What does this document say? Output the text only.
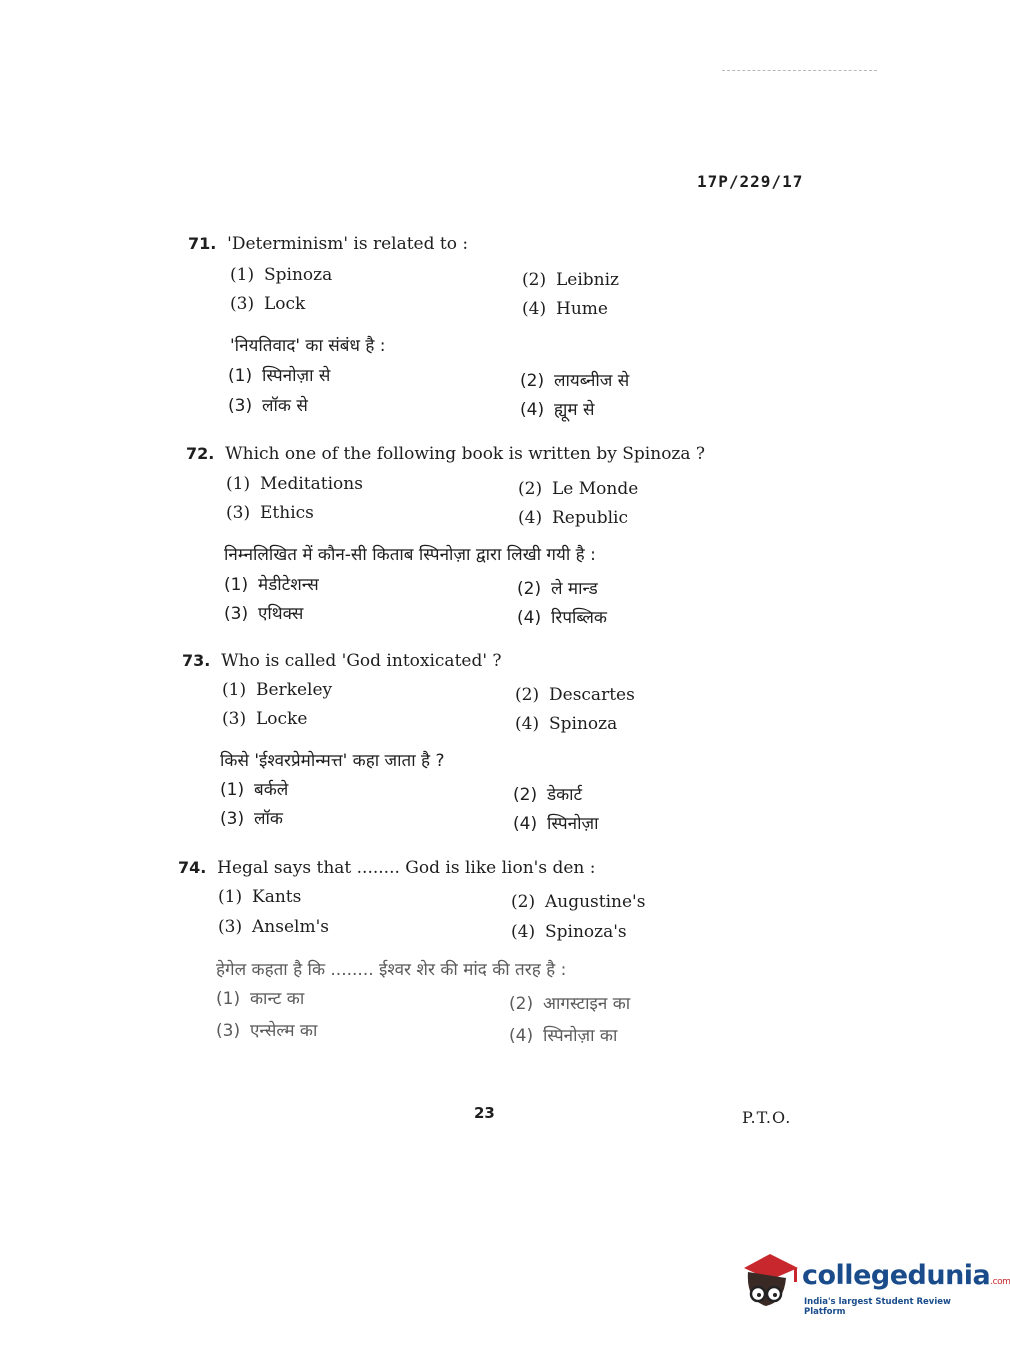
17P/229/17
71. 'Determinism' is related to :
(1) Spinoza	(2) Leibniz
(3) Lock	(4) Hume
'नियतिवाद' का संबंध है :
(1) स्पिनोज़ा से	(2) लायब्नीज से
(3) लॉक से	(4) ह्यूम से
72. Which one of the following book is written by Spinoza ?
(1) Meditations	(2) Le Monde
(3) Ethics	(4) Republic
निम्नलिखित में कौन-सी किताब स्पिनोज़ा द्वारा लिखी गयी है :
(1) मेडीटेशन्स	(2) ले मान्ड
(3) एथिक्स	(4) रिपब्लिक
73. Who is called 'God intoxicated' ?
(1) Berkeley	(2) Descartes
(3) Locke	(4) Spinoza
किसे 'ईश्वरप्रेमोन्मत्त' कहा जाता है ?
(1) बर्कले	(2) डेकार्ट
(3) लॉक	(4) स्पिनोज़ा
74. Hegal says that ........ God is like lion's den :
(1) Kants	(2) Augustine's
(3) Anselm's	(4) Spinoza's
हेगेल कहता है कि ........ ईश्वर शेर की मांद की तरह है :
(1) कान्ट का	(2) आगस्टाइन का
(3) एन्सेल्म का	(4) स्पिनोज़ा का
23	P.T.O.
collegedunia.com
India's largest Student Review Platform
